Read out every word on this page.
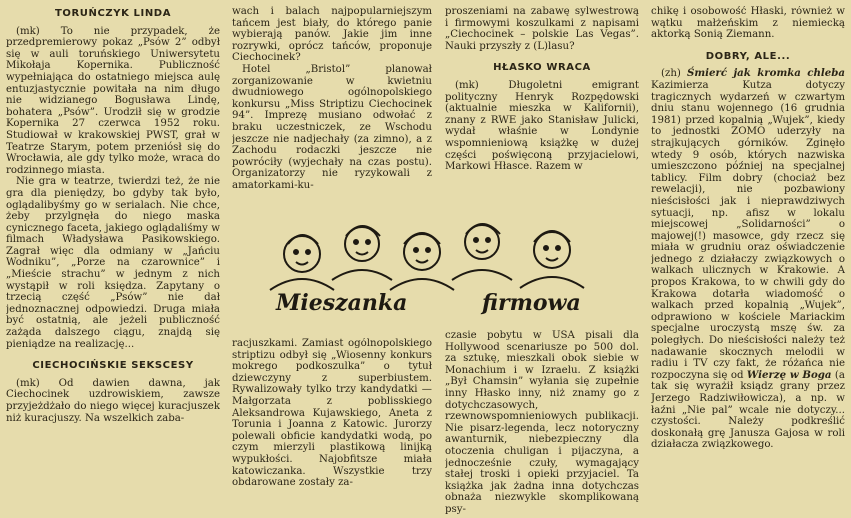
TORUŃCZYK LINDA

(mk) To nie przypadek, że przedpremierowy pokaz „Psów 2” odbył się w auli toruńskiego Uniwersytetu Mikołaja Kopernika. Publiczność wypełniająca do ostatniego miejsca aulę entuzjastycznie powitała na nim długo nie widzianego Bogusława Lindę, bohatera „Psów”. Urodził się w grodzie Kopernika 27 czerwca 1952 roku. Studiował w krakowskiej PWST, grał w Teatrze Starym, potem przeniósł się do Wrocławia, ale gdy tylko może, wraca do rodzinnego miasta.

Nie gra w teatrze, twierdzi też, że nie gra dla pieniędzy, bo gdyby tak było, oglądalibyśmy go w serialach. Nie chce, żeby przylgnęła do niego maska cynicznego faceta, jakiego oglądaliśmy w filmach Władysława Pasikowskiego. Zagrał więc dla odmiany w „Jańciu Wodniku”, „Porze na czarownice” i „Mieście strachu” w jednym z nich wystąpił w roli księdza. Zapytany o trzecią część „Psów” nie dał jednoznacznej odpowiedzi. Druga miała być ostatnią, ale jeżeli publiczność zażąda dalszego ciągu, znajdą się pieniądze na realizację...

CIECHOCIŃSKIE SEKSCESY

(mk) Od dawien dawna, jak Ciechocinek uzdrowiskiem, zawsze przyjeżdżało do niego więcej kuracjuszek niż kuracjuszy. Na wszelkich zaba-

wach i balach najpopularniejszym tańcem jest biały, do którego panie wybierają panów. Jakie jim inne rozrywki, oprócz tańców, proponuje Ciechocinek?

Hotel „Bristol” planował zorganizowanie w kwietniu dwudniowego ogólnopolskiego konkursu „Miss Striptizu Ciechocinek 94”. Imprezę musiano odwołać z braku uczestniczek, ze Wschodu jeszcze nie nadjechały (za zimno), a z Zachodu rodaczki jeszcze nie powróciły (wyjechały na czas postu). Organizatorzy nie ryzykowali z amatorkami-ku-

proszeniami na zabawę sylwestrową i firmowymi koszulkami z napisami „Ciechocinek – polskie Las Vegas”. Nauki przyszły z (L)lasu?

HŁASKO WRACA

(mk) Długoletni emigrant polityczny Henryk Rozpędowski (aktualnie mieszka w Kalifornii), znany z RWE jako Stanisław Julicki, wydał właśnie w Londynie wspomnieniową książkę w dużej części poświęconą przyjacielowi, Markowi Hłasce. Razem w

chikę i osobowość Hłaski, również w wątku małżeńskim z niemiecką aktorką Sonią Ziemann.

DOBRY, ALE...

(zh) Śmierć jak kromka chleba Kazimierza Kutza dotyczy tragicznych wydarzeń w czwartym dniu stanu wojennego (16 grudnia 1981) przed kopalnią „Wujek”, kiedy to jednostki ZOMO uderzyły na strajkujących górników. Zginęło wtedy 9 osób, których nazwiska umieszczono później na specjalnej tablicy. Film dobry (chociaż bez rewelacji), nie pozbawiony nieścisłości jak i nieprawdziwych sytuacji, np. afisz w lokalu miejscowej „Solidarności” o majowej(!) masowce, gdy rzecz się miała w grudniu oraz oświadczenie jednego z działaczy związkowych o walkach ulicznych w Krakowie. A propos Krakowa, to w chwili gdy do Krakowa dotarła wiadomość o walkach przed kopalnią „Wujek”, odprawiono w kościele Mariackim specjalne uroczystą mszę św. za poległych. Do nieścisłości należy też nadawanie skocznych melodii w radiu i TV czy fakt, że różańca nie rozpoczyna się od Wierzę w Boga (a tak się wyrażił ksiądz grany przez Jerzego Radziwiłowicza), a np. w łaźni „Nie pal” wcale nie dotyczy... czystości. Należy podkreślić doskonałą grę Janusza Gajosa w roli działacza związkowego.

Mieszanka	firmowa

racjuszkami. Zamiast ogólnopolskiego striptizu odbył się „Wiosenny konkurs mokrego podkoszulka” o tytuł dziewczyny z superbiustem. Rywalizowały tylko trzy kandydatki — Małgorzata z poblisskiego Aleksandrowa Kujawskiego, Aneta z Torunia i Joanna z Katowic. Jurorzy polewali obficie kandydatki wodą, po czym mierzyli plastikową linijką wypukłości. Najobfitsze miała katowiczanka. Wszystkie trzy obdarowane zostały za-

czasie pobytu w USA pisali dla Hollywood scenariusze po 500 dol. za sztukę, mieszkali obok siebie w Monachium i w Izraelu. Z książki „Był Chamsin” wyłania się zupełnie inny Hłasko inny, niż znamy go z dotychczasowych, rzewnowspomnieniowych publikacji. Nie pisarz-legenda, lecz notoryczny awanturnik, niebezpieczny dla otoczenia chuligan i pijaczyna, a jednocześnie czuły, wymagający stałej troski i opieki przyjaciel. Ta książka jak żadna inna dotychczas obnaża niezwykle skomplikowaną psy-
